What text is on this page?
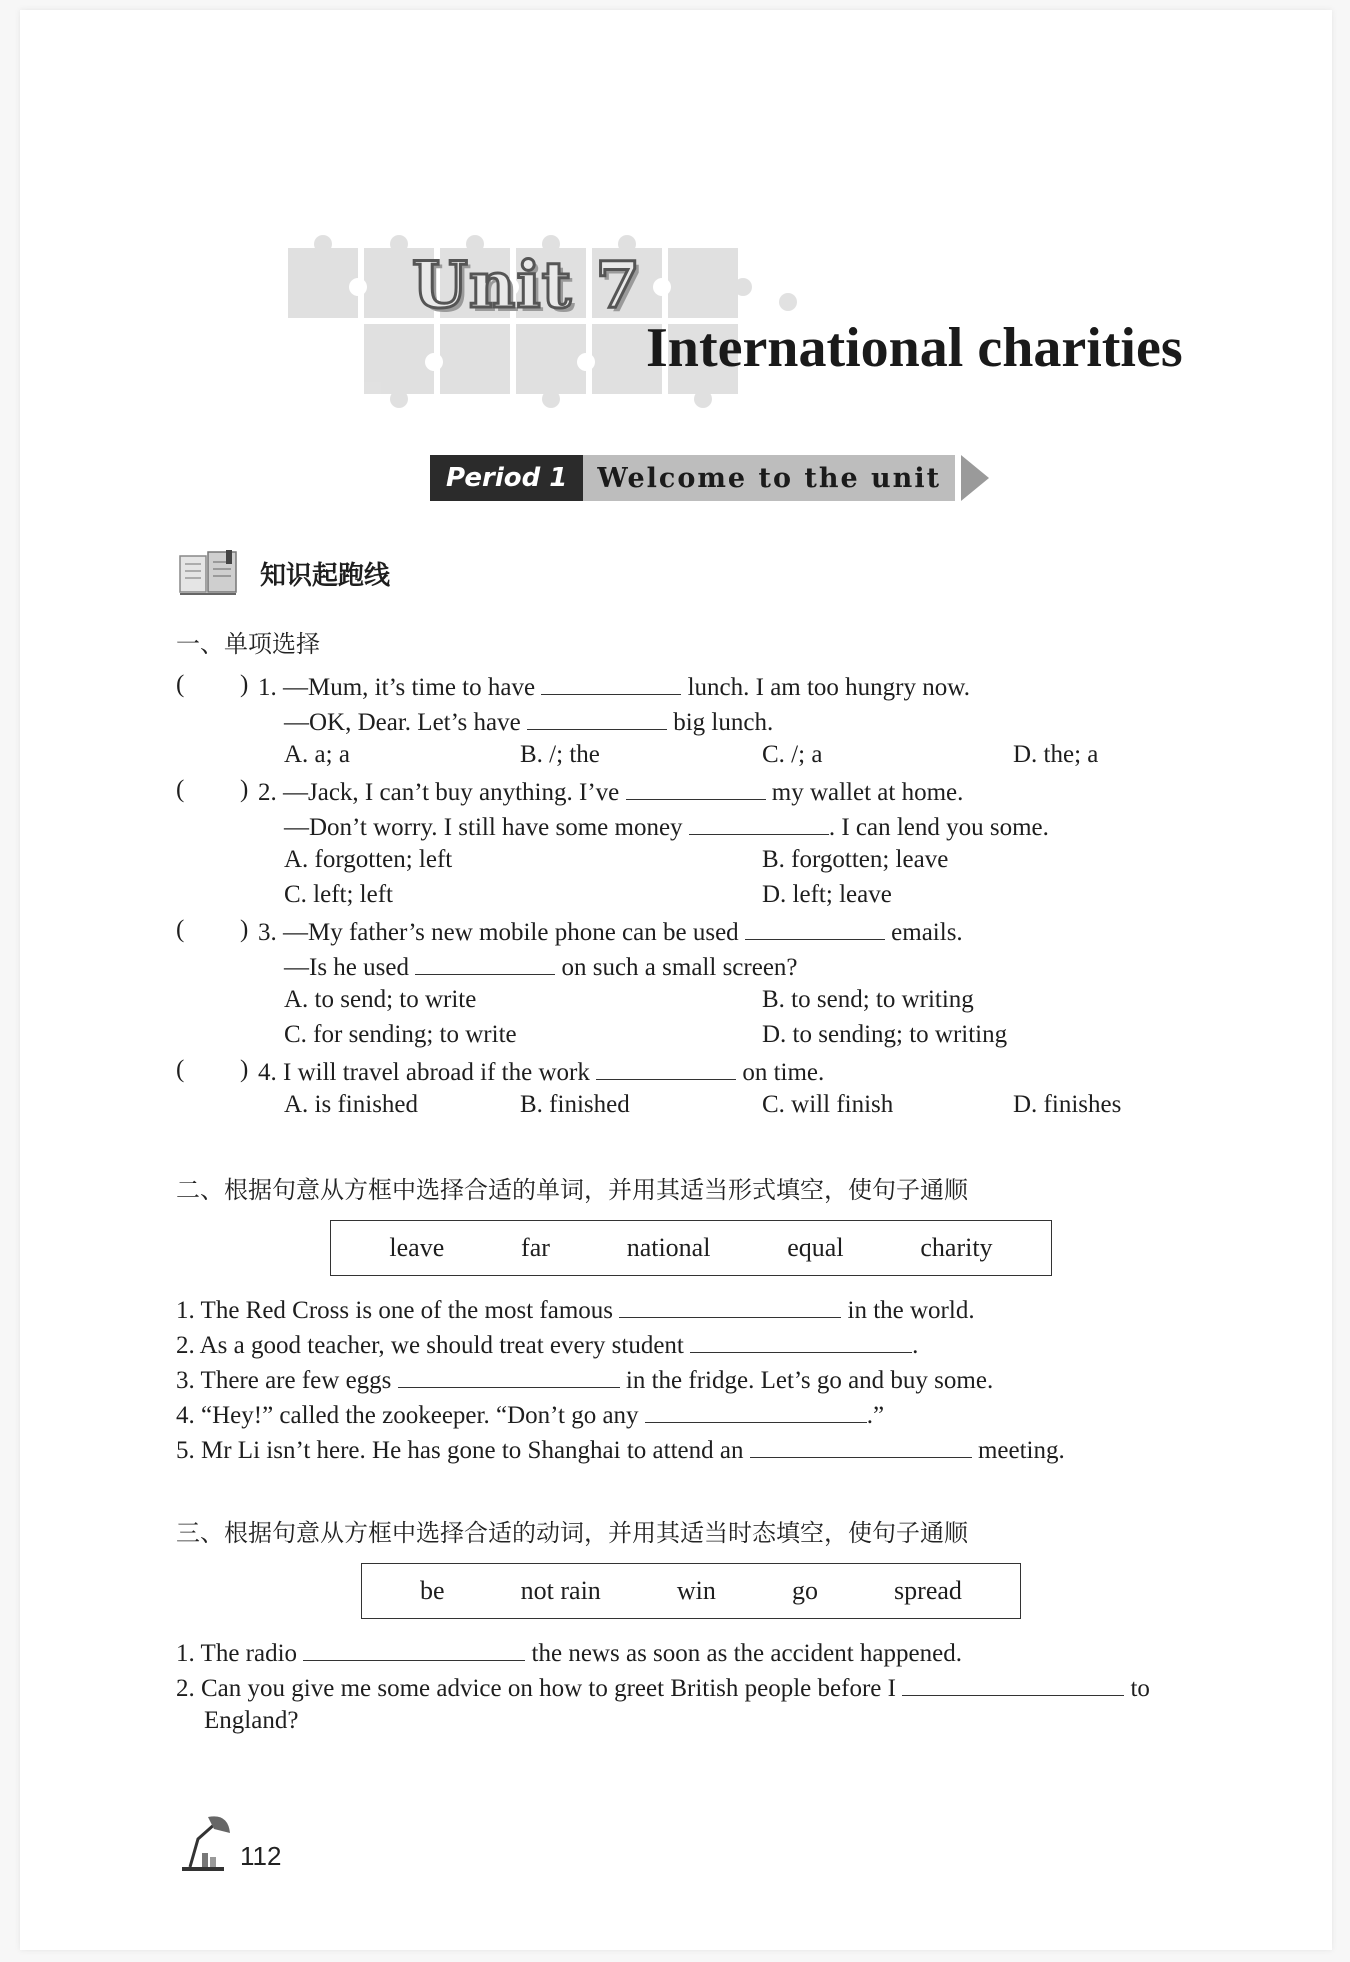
Unit 7
International charities
Period 1	Welcome to the unit
知识起跑线
一、单项选择
( ) 1. —Mum, it’s time to have	lunch. I am too hungry now.
—OK, Dear. Let’s have	big lunch.
A. a; a	B. /; the	C. /; a	D. the; a
( ) 2. —Jack, I can’t buy anything. I’ve	my wallet at home.
—Don’t worry. I still have some money	. I can lend you some.
A. forgotten; left	B. forgotten; leave
C. left; left	D. left; leave
( ) 3. —My father’s new mobile phone can be used	emails.
—Is he used	on such a small screen?
A. to send; to write	B. to send; to writing
C. for sending; to write	D. to sending; to writing
( ) 4. I will travel abroad if the work	on time.
A. is finished	B. finished	C. will finish	D. finishes
二、根据句意从方框中选择合适的单词，并用其适当形式填空，使句子通顺
leave	far	national	equal	charity
1. The Red Cross is one of the most famous	in the world.
2. As a good teacher, we should treat every student	.
3. There are few eggs	in the fridge. Let’s go and buy some.
4. “Hey!” called the zookeeper. “Don’t go any	.”
5. Mr Li isn’t here. He has gone to Shanghai to attend an	meeting.
三、根据句意从方框中选择合适的动词，并用其适当时态填空，使句子通顺
be	not rain	win	go	spread
1. The radio	the news as soon as the accident happened.
2. Can you give me some advice on how to greet British people before I	to
England?
112
